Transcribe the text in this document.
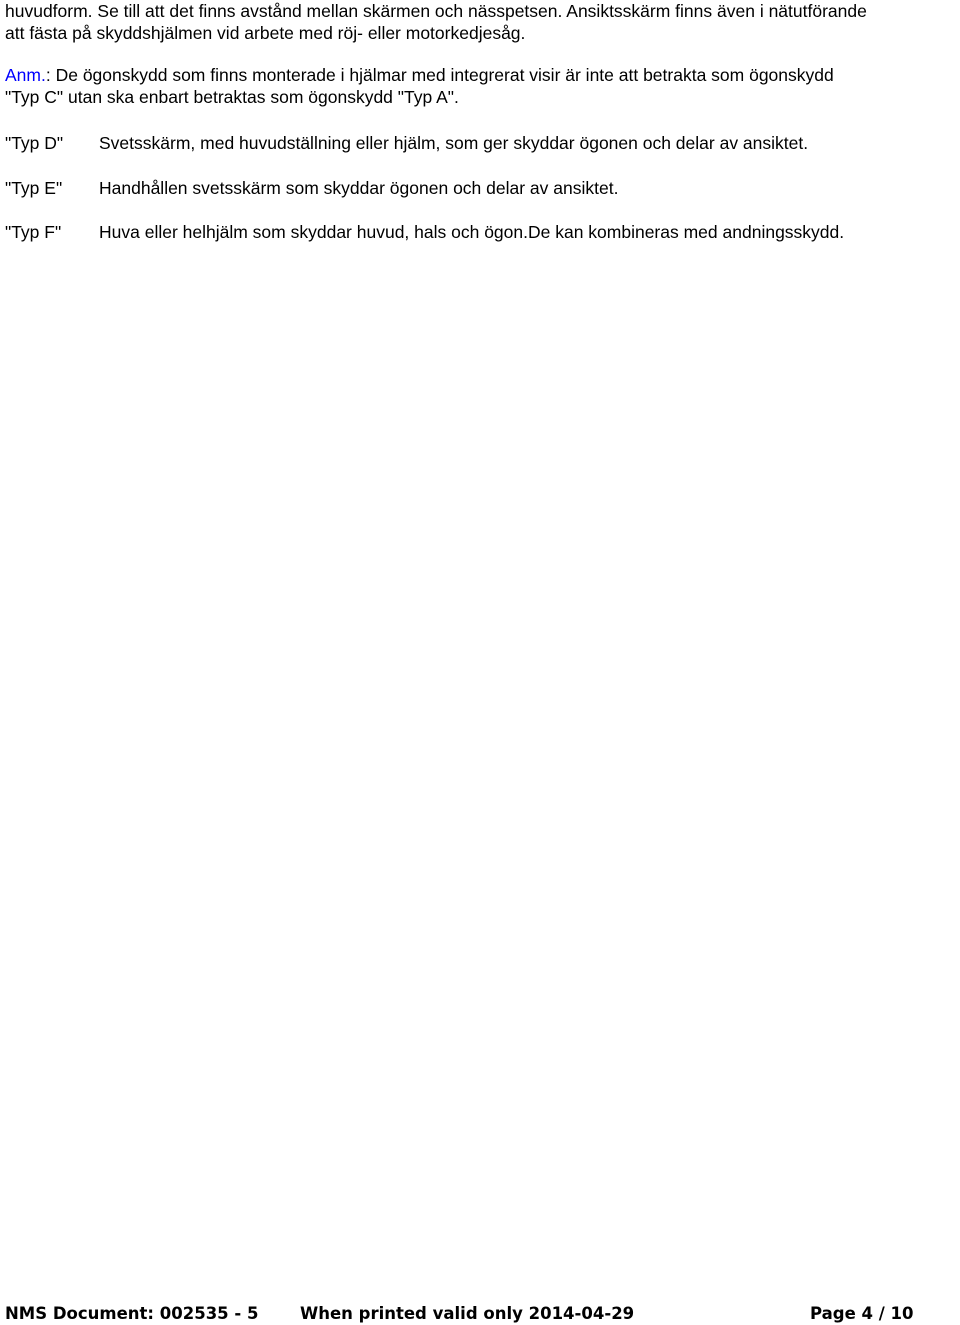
huvudform. Se till att det finns avstånd mellan skärmen och nässpetsen. Ansiktsskärm finns även i nätutförande

att fästa på skyddshjälmen vid arbete med röj- eller motorkedjesåg.

Anm.: De ögonskydd som finns monterade i hjälmar med integrerat visir är inte att betrakta som ögonskydd
"Typ C" utan ska enbart betraktas som ögonskydd "Typ A".
"Typ D"	Svetsskärm, med huvudställning eller hjälm, som ger skyddar ögonen och delar av ansiktet.
"Typ E"	Handhållen svetsskärm som skyddar ögonen och delar av ansiktet.
"Typ F"	Huva eller helhjälm som skyddar huvud, hals och ögon.De kan kombineras med andningsskydd.
NMS Document: 002535 - 5	When printed valid only 2014-04-29	Page 4 / 10
